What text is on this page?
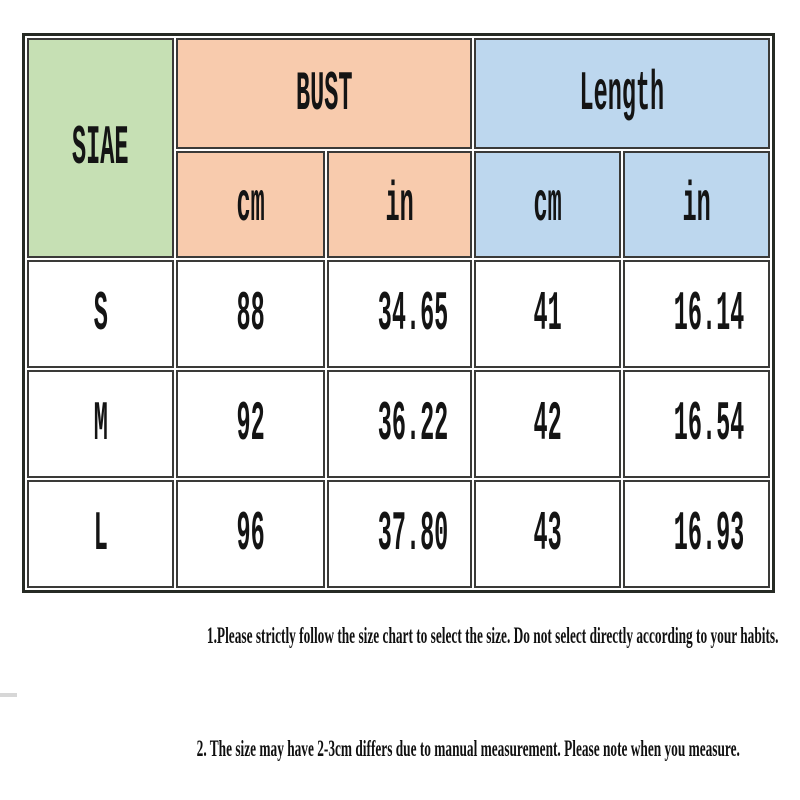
SIAE	BUST		Length	
	cm	in	cm	in
S	88	34.65	41	16.14
M	92	36.22	42	16.54
L	96	37.80	43	16.93
1.Please strictly follow the size chart to select the size. Do not select directly according to your habits.
2. The size may have 2-3cm differs due to manual measurement. Please note when you measure.
